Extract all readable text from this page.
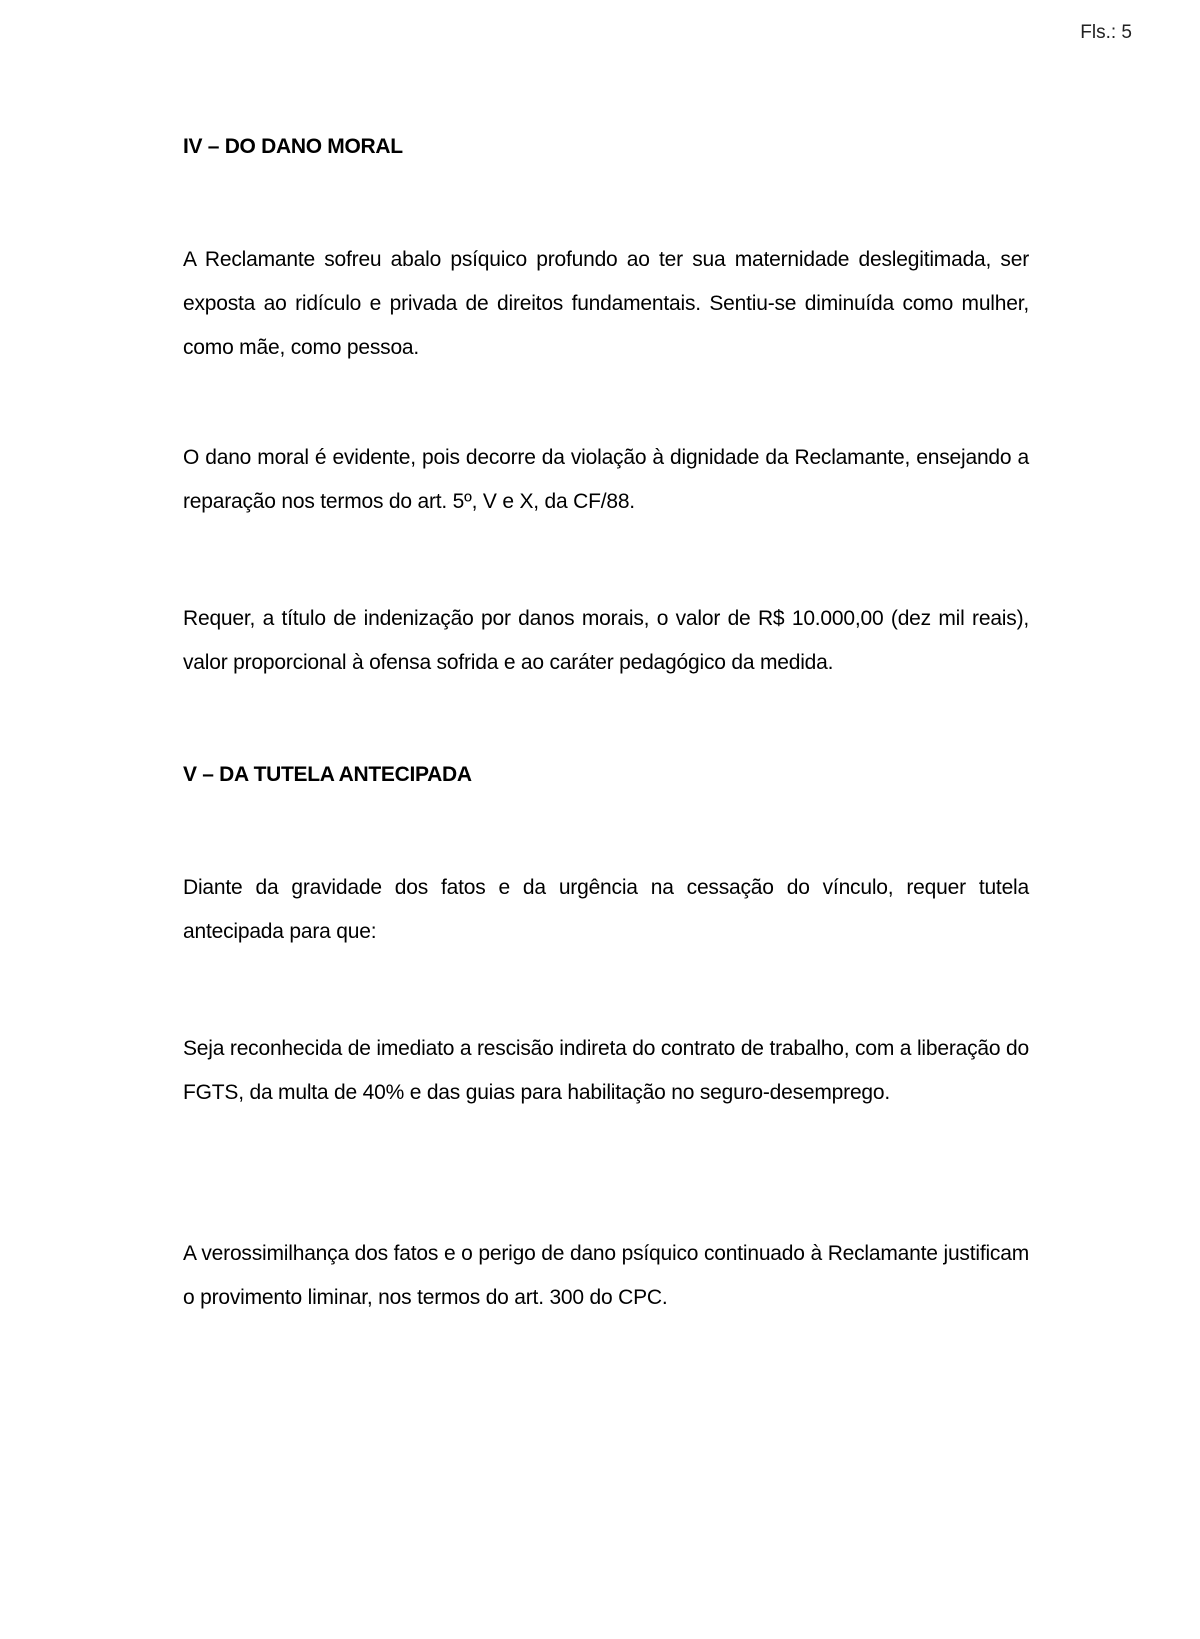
Fls.: 5
IV – DO DANO MORAL

A Reclamante sofreu abalo psíquico profundo ao ter sua maternidade deslegitimada, ser exposta ao ridículo e privada de direitos fundamentais. Sentiu-se diminuída como mulher, como mãe, como pessoa.

O dano moral é evidente, pois decorre da violação à dignidade da Reclamante, ensejando a reparação nos termos do art. 5º, V e X, da CF/88.

Requer, a título de indenização por danos morais, o valor de R$ 10.000,00 (dez mil reais), valor proporcional à ofensa sofrida e ao caráter pedagógico da medida.

V – DA TUTELA ANTECIPADA

Diante da gravidade dos fatos e da urgência na cessação do vínculo, requer tutela antecipada para que:

Seja reconhecida de imediato a rescisão indireta do contrato de trabalho, com a liberação do FGTS, da multa de 40% e das guias para habilitação no seguro-desemprego.

A verossimilhança dos fatos e o perigo de dano psíquico continuado à Reclamante justificam o provimento liminar, nos termos do art. 300 do CPC.
